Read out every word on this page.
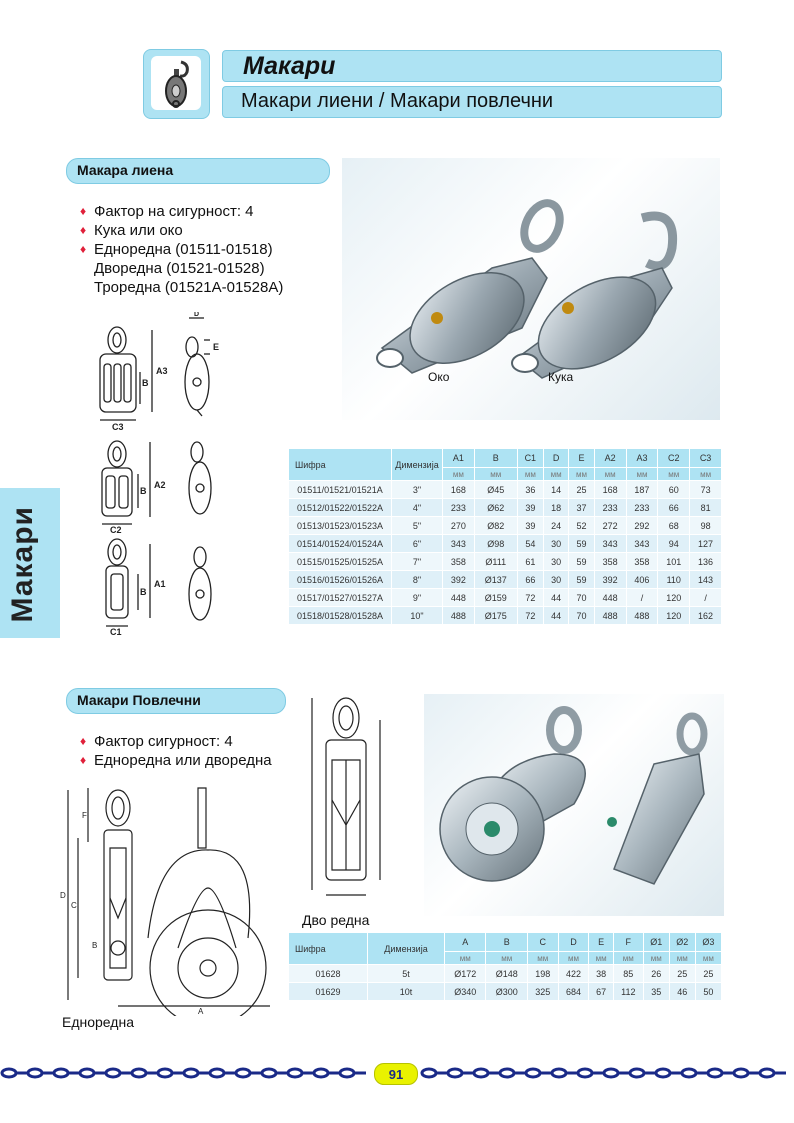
Макари
Макари лиени / Макари повлечни
Макари
Макара лиена
♦ Фактор на сигурност: 4
♦ Кука или око
♦ Еднoредна (01511-01518)
Дворедна (01521-01528)
Троредна (01521A-01528A)
Око	Кука
A3
B
C3
D
E
A2
B
C2
A1
B
C1
Шифра	Димензија	A1	B	C1	D	E	A2	A3	C2	C3
		мм	мм	мм	мм	мм	мм	мм	мм	мм
01511/01521/01521A	3"	168	Ø45	36	14	25	168	187	60	73
01512/01522/01522A	4"	233	Ø62	39	18	37	233	233	66	81
01513/01523/01523A	5"	270	Ø82	39	24	52	272	292	68	98
01514/01524/01524A	6"	343	Ø98	54	30	59	343	343	94	127
01515/01525/01525A	7"	358	Ø111	61	30	59	358	358	101	136
01516/01526/01526A	8"	392	Ø137	66	30	59	392	406	110	143
01517/01527/01527A	9"	448	Ø159	72	44	70	448	/	120	/
01518/01528/01528A	10"	488	Ø175	72	44	70	488	488	120	162
Макари Повлечни
♦ Фактор сигурност: 4
♦ Еднoредна или дворедна
F
D
C
B
A
Еднoредна
Дво редна
Шифра	Димензија	A	B	C	D	E	F	Ø1	Ø2	Ø3
		мм	мм	мм	мм	мм	мм	мм	мм	мм
01628	5t	Ø172	Ø148	198	422	38	85	26	25	25
01629	10t	Ø340	Ø300	325	684	67	112	35	46	50
91
